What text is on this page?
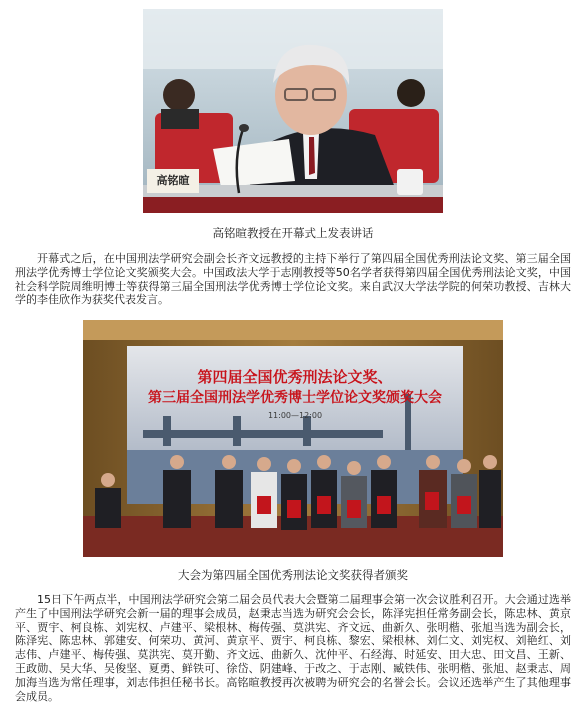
高铭暄
高铭暄教授在开幕式上发表讲话

开幕式之后，在中国刑法学研究会副会长齐文远教授的主持下举行了第四届全国优秀刑法论文奖、第三届全国刑法学优秀博士学位论文奖颁奖大会。中国政法大学于志刚教授等50名学者获得第四届全国优秀刑法论文奖，中国社会科学院周维明博士等获得第三届全国刑法学优秀博士学位论文奖。来自武汉大学法学院的何荣功教授、吉林大学的李佳欣作为获奖代表发言。

第四届全国优秀刑法论文奖、
第三届全国刑法学优秀博士学位论文奖颁奖大会
11:00—12:00
大会为第四届全国优秀刑法论文奖获得者颁奖

15日下午两点半，中国刑法学研究会第二届会员代表大会暨第二届理事会第一次会议胜利召开。大会通过选举产生了中国刑法学研究会新一届的理事会成员，赵秉志当选为研究会会长，陈泽宪担任常务副会长，陈忠林、黄京平、贾宇、柯良栋、刘宪权、卢建平、梁根林、梅传强、莫洪宪、齐文远、曲新久、张明楷、张旭当选为副会长，陈泽宪、陈忠林、郭建安、何荣功、黄河、黄京平、贾宇、柯良栋、黎宏、梁根林、刘仁文、刘宪权、刘艳红、刘志伟、卢建平、梅传强、莫洪宪、莫开勤、齐文远、曲新久、沈仲平、石经海、时延安、田大忠、田文昌、王新、王政勋、吴大华、吴俊坚、夏勇、鲜铁可、徐岱、阴建峰、于改之、于志刚、臧铁伟、张明楷、张旭、赵秉志、周加海当选为常任理事，刘志伟担任秘书长。高铭暄教授再次被聘为研究会的名誉会长。会议还选举产生了其他理事会成员。
